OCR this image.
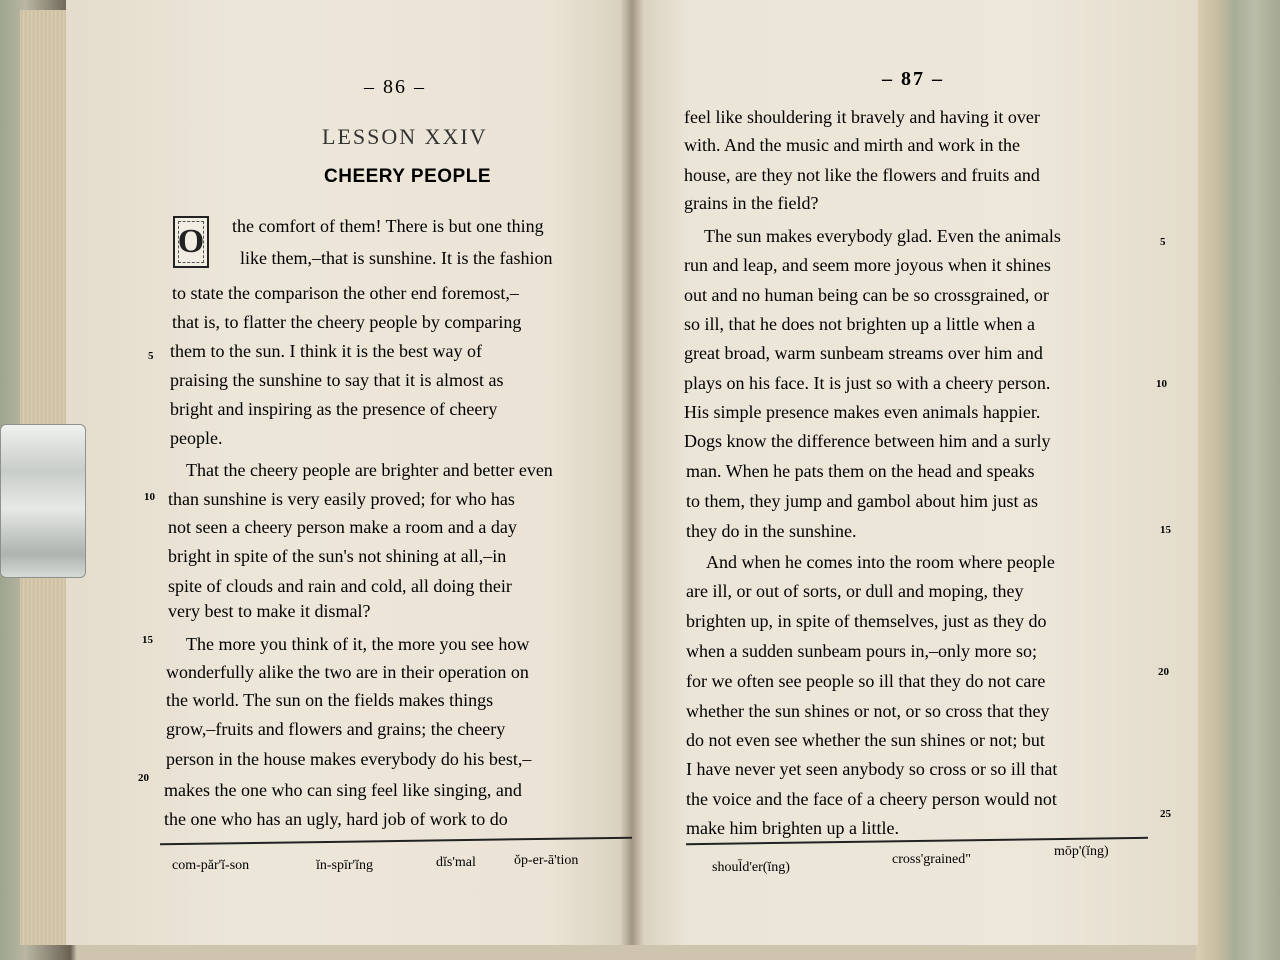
– 86 –
LESSON XXIV
CHEERY PEOPLE
O the comfort of them! There is but one thing
like them,–that is sunshine. It is the fashion
to state the comparison the other end foremost,–
that is, to flatter the cheery people by comparing
them to the sun. I think it is the best way of
praising the sunshine to say that it is almost as
bright and inspiring as the presence of cheery
people.
That the cheery people are brighter and better even
than sunshine is very easily proved; for who has
not seen a cheery person make a room and a day
bright in spite of the sun's not shining at all,–in
spite of clouds and rain and cold, all doing their
very best to make it dismal?
The more you think of it, the more you see how
wonderfully alike the two are in their operation on
the world. The sun on the fields makes things
grow,–fruits and flowers and grains; the cheery
person in the house makes everybody do his best,–
makes the one who can sing feel like singing, and
the one who has an ugly, hard job of work to do
5
10
15
20
com-păr'ĭ-son	ĭn-spīr'ĭng	dĭs'mal	ŏp-er-ā'tion
– 87 –
feel like shouldering it bravely and having it over
with. And the music and mirth and work in the
house, are they not like the flowers and fruits and
grains in the field?
The sun makes everybody glad. Even the animals
run and leap, and seem more joyous when it shines
out and no human being can be so crossgrained, or
so ill, that he does not brighten up a little when a
great broad, warm sunbeam streams over him and
plays on his face. It is just so with a cheery person.
His simple presence makes even animals happier.
Dogs know the difference between him and a surly
man. When he pats them on the head and speaks
to them, they jump and gambol about him just as
they do in the sunshine.
And when he comes into the room where people
are ill, or out of sorts, or dull and moping, they
brighten up, in spite of themselves, just as they do
when a sudden sunbeam pours in,–only more so;
for we often see people so ill that they do not care
whether the sun shines or not, or so cross that they
do not even see whether the sun shines or not; but
I have never yet seen anybody so cross or so ill that
the voice and the face of a cheery person would not
make him brighten up a little.
5
10
15
20
25
shoul̄d'er(ĭng)
cross'grained"
mōp'(ĭng)
